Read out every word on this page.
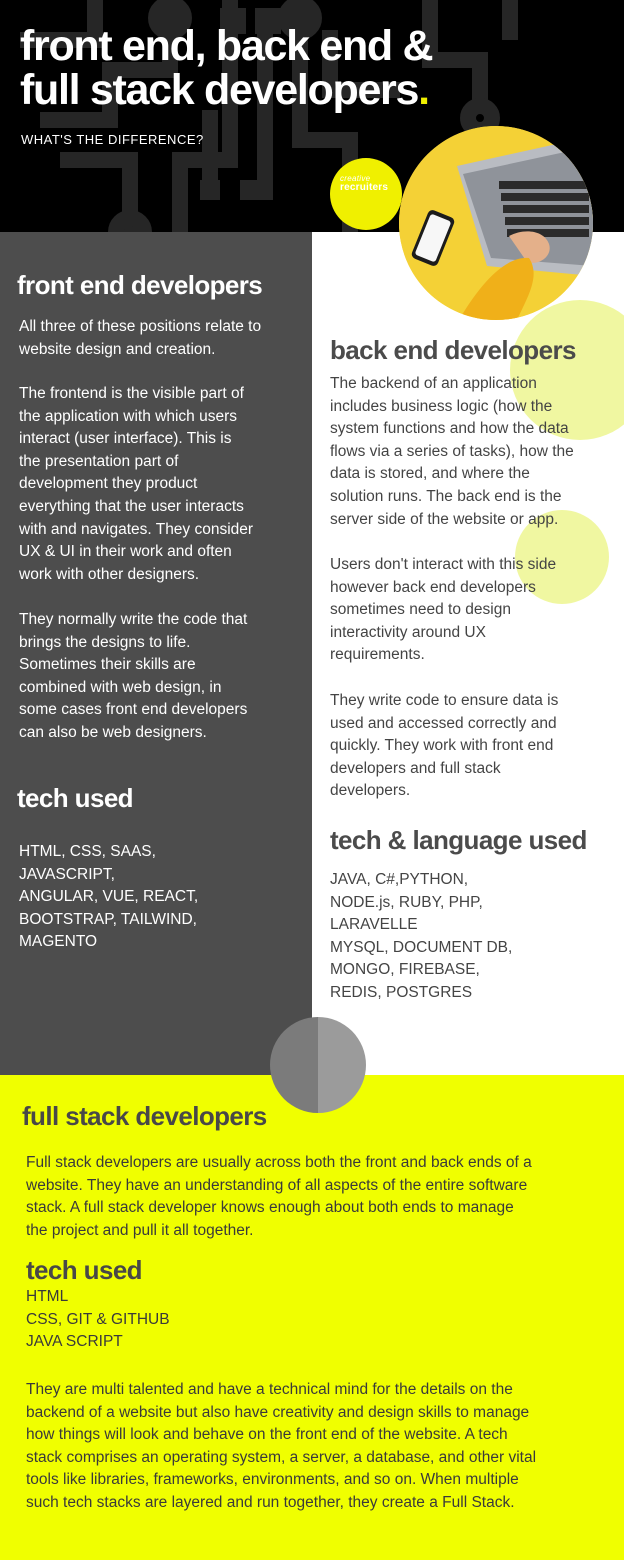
front end, back end &
full stack developers.
WHAT'S THE DIFFERENCE?
creative
recruiters
front end developers

All three of these positions relate to
website design and creation.

The frontend is the visible part of
the application with which users
interact (user interface). This is
the presentation part of
development they product
everything that the user interacts
with and navigates. They consider
UX & UI in their work and often
work with other designers.

They normally write the code that
brings the designs to life.
Sometimes their skills are
combined with web design, in
some cases front end developers
can also be web designers.

tech used

HTML, CSS, SAAS,
JAVASCRIPT,
ANGULAR, VUE, REACT,
BOOTSTRAP, TAILWIND,
MAGENTO

back end developers

The backend of an application
includes business logic (how the
system functions and how the data
flows via a series of tasks), how the
data is stored, and where the
solution runs. The back end is the
server side of the website or app.

Users don't interact with this side
however back end developers
sometimes need to design
interactivity around UX
requirements.

They write code to ensure data is
used and accessed correctly and
quickly. They work with front end
developers and full stack
developers.

tech & language used

JAVA, C#,PYTHON,
NODE.js, RUBY, PHP,
LARAVELLE
MYSQL, DOCUMENT DB,
MONGO, FIREBASE,
REDIS, POSTGRES

full stack developers

Full stack developers are usually across both the front and back ends of a
website. They have an understanding of all aspects of the entire software
stack. A full stack developer knows enough about both ends to manage
the project and pull it all together.

tech used

HTML
CSS, GIT & GITHUB
JAVA SCRIPT

They are multi talented and have a technical mind for the details on the
backend of a website but also have creativity and design skills to manage
how things will look and behave on the front end of the website. A tech
stack comprises an operating system, a server, a database, and other vital
tools like libraries, frameworks, environments, and so on. When multiple
such tech stacks are layered and run together, they create a Full Stack.
